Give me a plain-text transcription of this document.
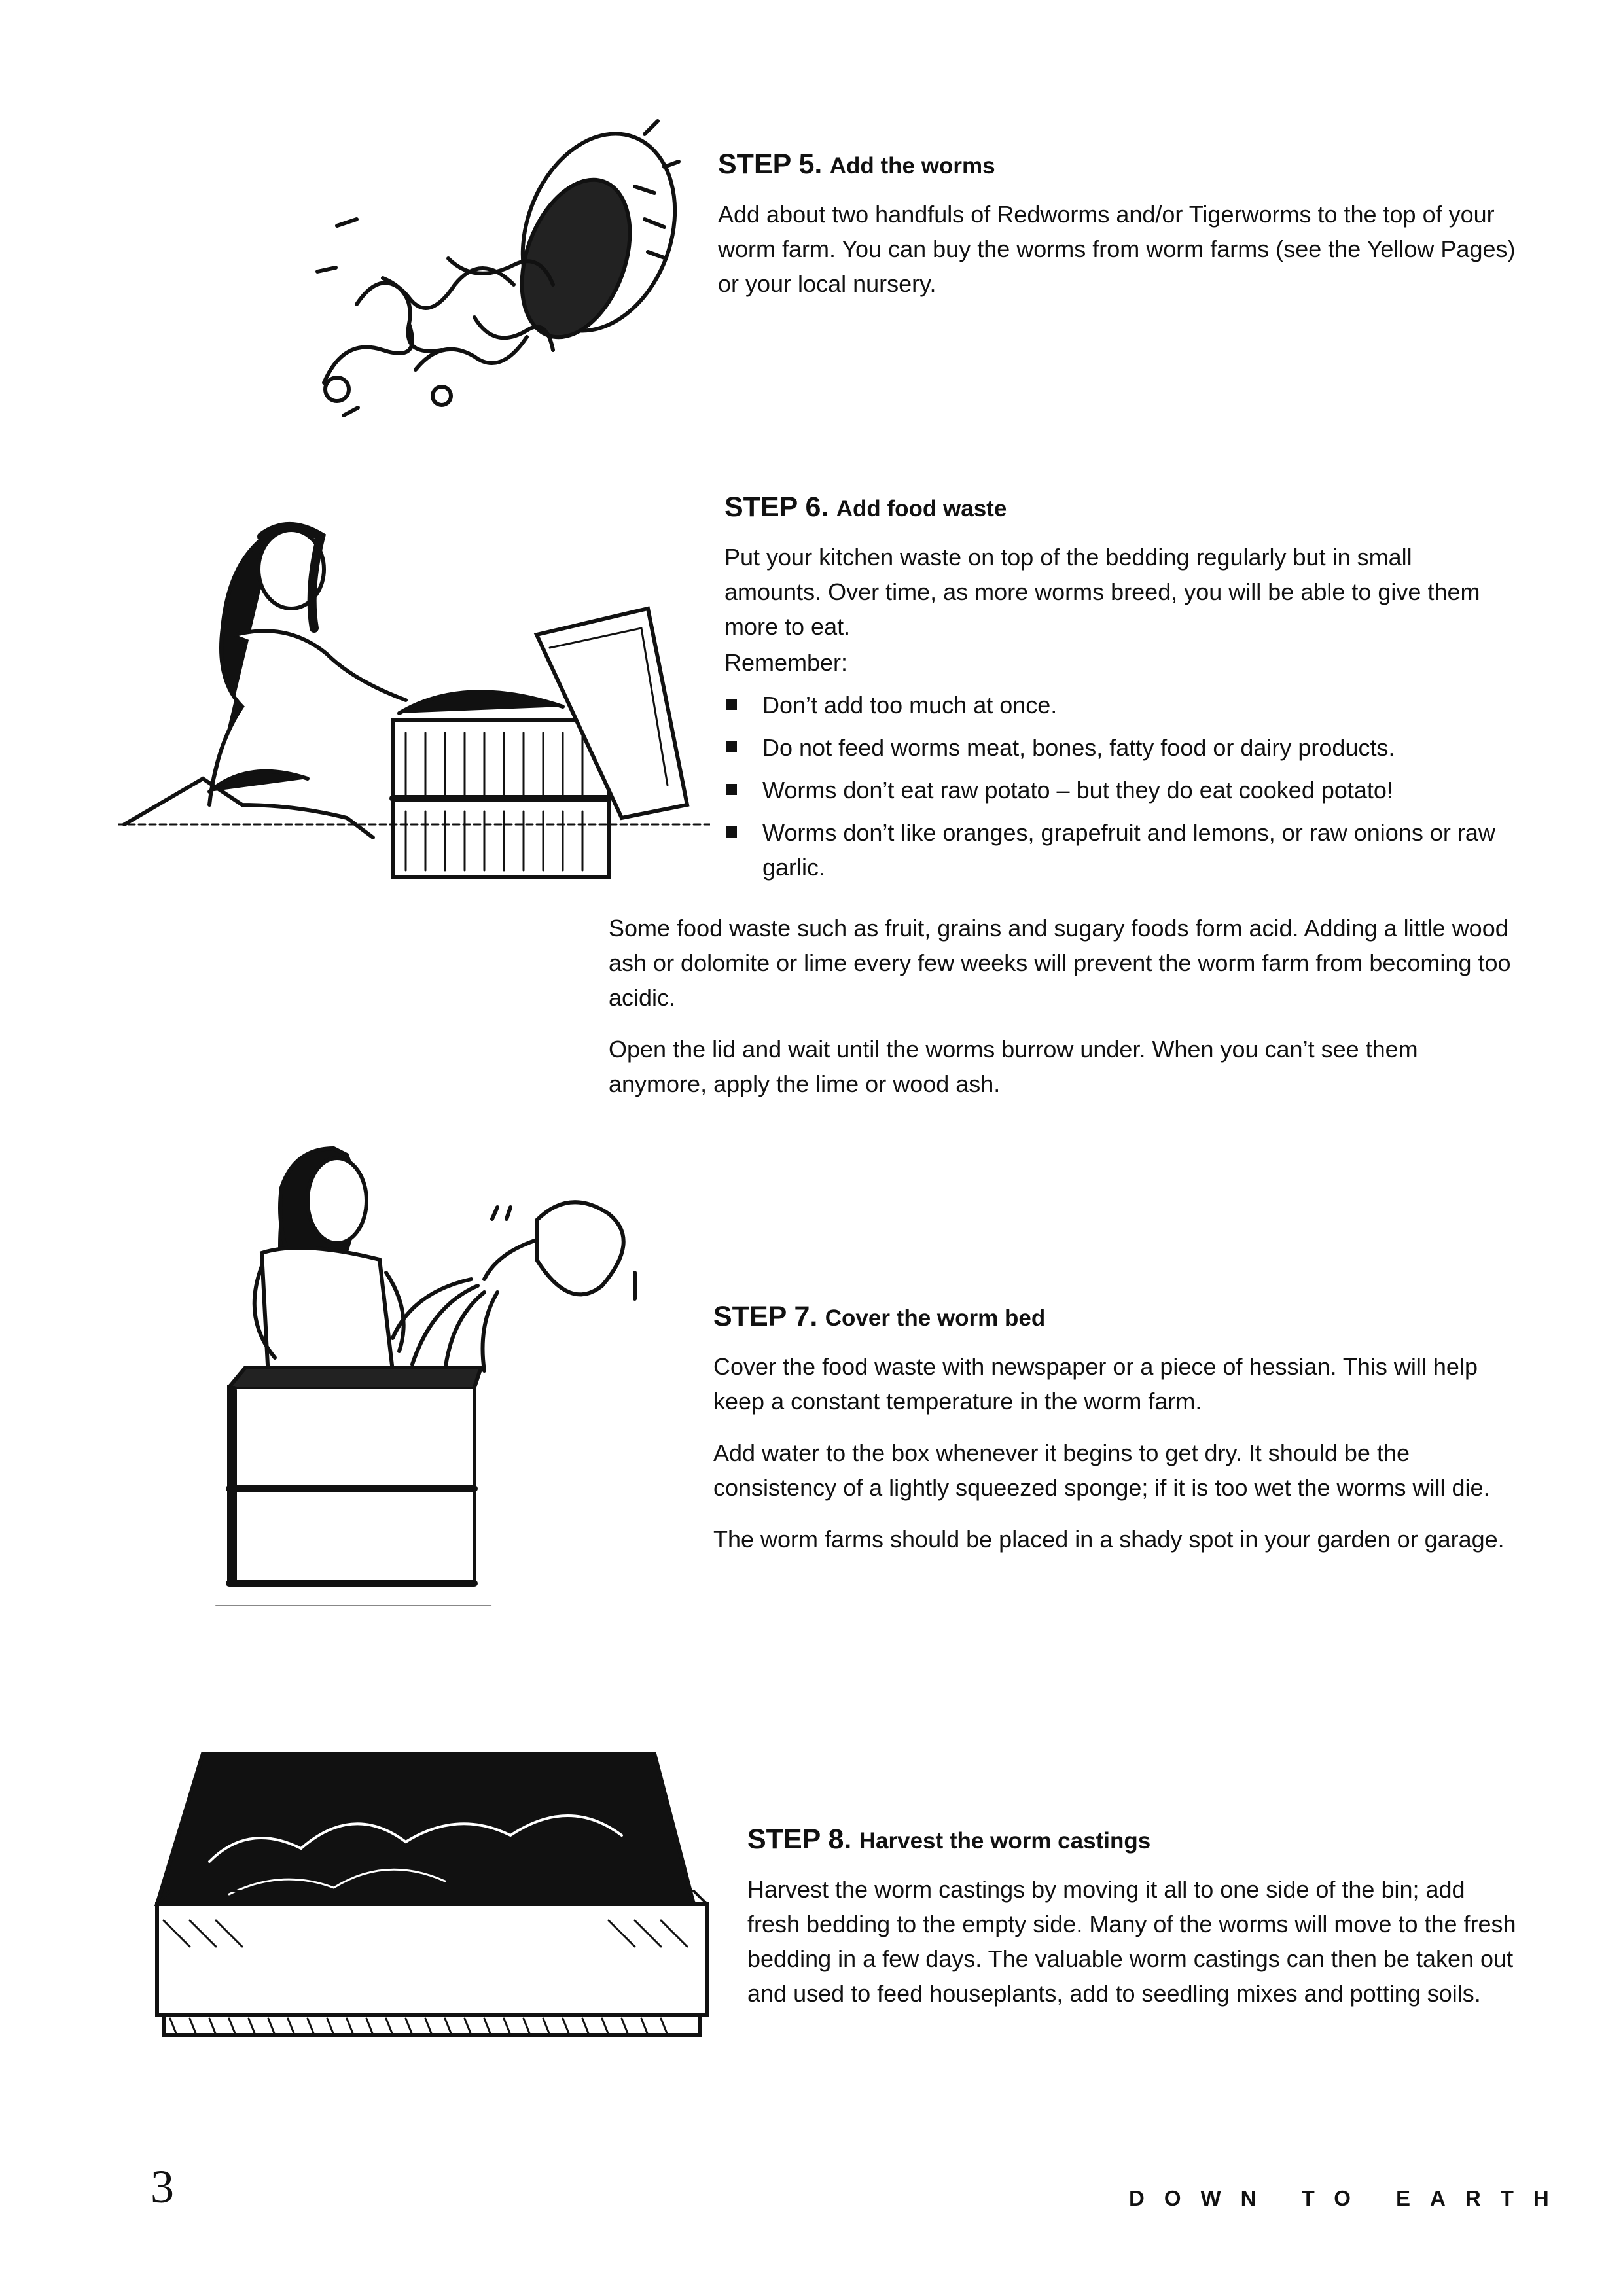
STEP 5. Add the worms

Add about two handfuls of Redworms and/or Tigerworms to the top of your worm farm. You can buy the worms from worm farms (see the Yellow Pages) or your local nursery.

STEP 6. Add food waste

Put your kitchen waste on top of the bedding regularly but in small amounts. Over time, as more worms breed, you will be able to give them more to eat.

Remember:

Don’t add too much at once.
Do not feed worms meat, bones, fatty food or dairy products.
Worms don’t eat raw potato – but they do eat cooked potato!
Worms don’t like oranges, grapefruit and lemons, or raw onions or raw garlic.

Some food waste such as fruit, grains and sugary foods form acid. Adding a little wood ash or dolomite or lime every few weeks will prevent the worm farm from becoming too acidic.

Open the lid and wait until the worms burrow under. When you can’t see them anymore, apply the lime or wood ash.

STEP 7. Cover the worm bed

Cover the food waste with newspaper or a piece of hessian. This will help keep a constant temperature in the worm farm.

Add water to the box whenever it begins to get dry. It should be the consistency of a lightly squeezed sponge; if it is too wet the worms will die.

The worm farms should be placed in a shady spot in your garden or garage.

STEP 8. Harvest the worm castings

Harvest the worm castings by moving it all to one side of the bin; add fresh bedding to the empty side. Many of the worms will move to the fresh bedding in a few days. The valuable worm castings can then be taken out and used to feed houseplants, add to seedling mixes and potting soils.

3	DOWN TO EARTH
